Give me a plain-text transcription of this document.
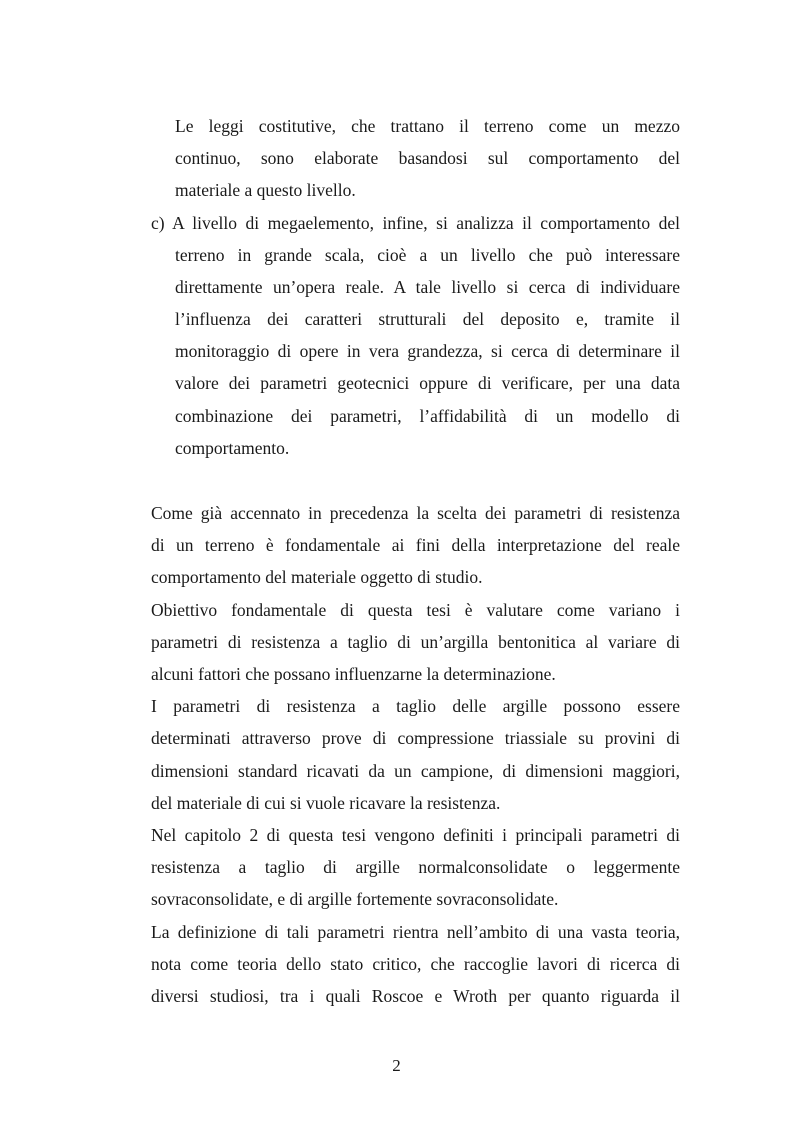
Le leggi costitutive, che trattano il terreno come un mezzo
continuo, sono elaborate basandosi sul comportamento del
materiale a questo livello.
c) A livello di megaelemento, infine, si analizza il comportamento del
terreno in grande scala, cioè a un livello che può interessare
direttamente un’opera reale. A tale livello si cerca di individuare
l’influenza dei caratteri strutturali del deposito e, tramite il
monitoraggio di opere in vera grandezza, si cerca di determinare il
valore dei parametri geotecnici oppure di verificare, per una data
combinazione dei parametri, l’affidabilità di un modello di
comportamento.
Come già accennato in precedenza la scelta dei parametri di resistenza
di un terreno è fondamentale ai fini della interpretazione del reale
comportamento del materiale oggetto di studio.
Obiettivo fondamentale di questa tesi è valutare come variano i
parametri di resistenza a taglio di un’argilla bentonitica al variare di
alcuni fattori che possano influenzarne la determinazione.
I parametri di resistenza a taglio delle argille possono essere
determinati attraverso prove di compressione triassiale su provini di
dimensioni standard ricavati da un campione, di dimensioni maggiori,
del materiale di cui si vuole ricavare la resistenza.
Nel capitolo 2 di questa tesi vengono definiti i principali parametri di
resistenza a taglio di argille normalconsolidate o leggermente
sovraconsolidate, e di argille fortemente sovraconsolidate.
La definizione di tali parametri rientra nell’ambito di una vasta teoria,
nota come teoria dello stato critico, che raccoglie lavori di ricerca di
diversi studiosi, tra i quali Roscoe e Wroth per quanto riguarda il
2
